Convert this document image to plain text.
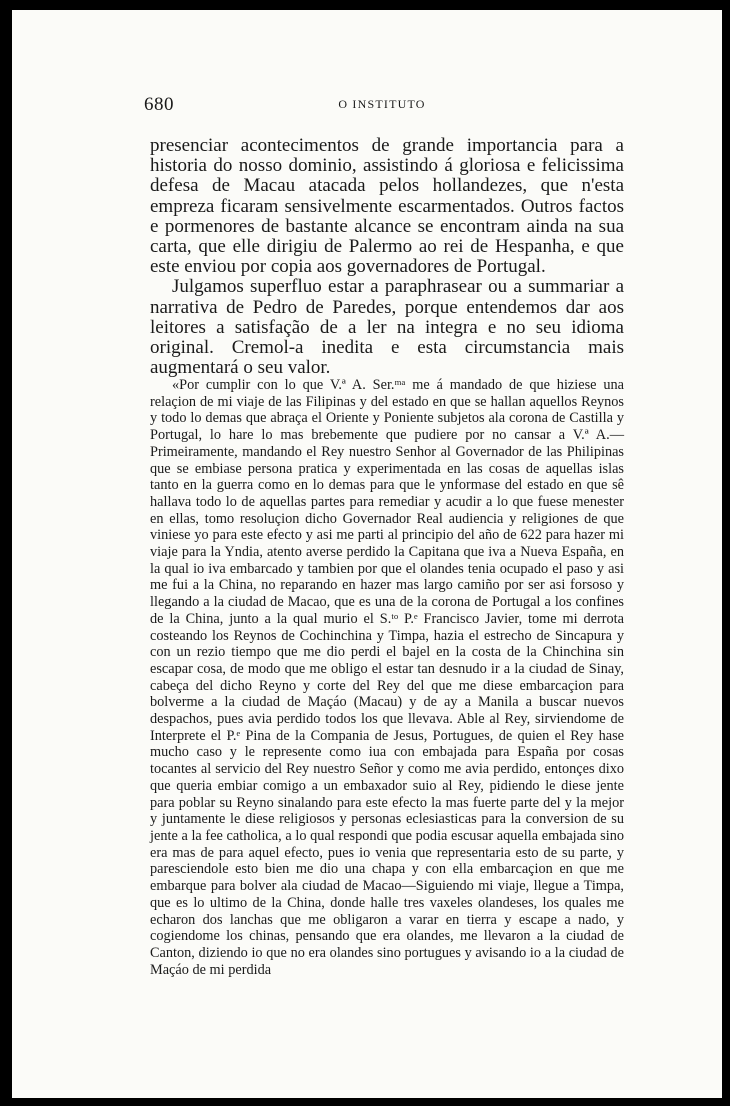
680	O INSTITUTO

presenciar acontecimentos de grande importancia para a historia do nosso dominio, assistindo á gloriosa e felicissima defesa de Macau atacada pelos hollandezes, que n'esta empreza ficaram sensivelmente escarmentados. Outros factos e pormenores de bastante alcance se encontram ainda na sua carta, que elle dirigiu de Palermo ao rei de Hespanha, e que este enviou por copia aos governadores de Portugal.

Julgamos superfluo estar a paraphrasear ou a summariar a narrativa de Pedro de Paredes, porque entendemos dar aos leitores a satisfação de a ler na integra e no seu idioma original. Cremol-a inedita e esta circumstancia mais augmentará o seu valor.

«Por cumplir con lo que V.ª A. Ser.ᵐᵃ me á mandado de que hiziese una relaçion de mi viaje de las Filipinas y del estado en que se hallan aquellos Reynos y todo lo demas que abraça el Oriente y Poniente subjetos ala corona de Castilla y Portugal, lo hare lo mas brebemente que pudiere por no cansar a V.ª A.—Primeiramente, mandando el Rey nuestro Senhor al Governador de las Philipinas que se embiase persona pratica y experimentada en las cosas de aquellas islas tanto en la guerra como en lo demas para que le ynformase del estado en que sê hallava todo lo de aquellas partes para remediar y acudir a lo que fuese menester en ellas, tomo resoluçion dicho Governador Real audiencia y religiones de que viniese yo para este efecto y asi me parti al principio del año de 622 para hazer mi viaje para la Yndia, atento averse perdido la Capitana que iva a Nueva España, en la qual io iva embarcado y tambien por que el olandes tenia ocupado el paso y asi me fui a la China, no reparando en hazer mas largo camiño por ser asi forsoso y llegando a la ciudad de Macao, que es una de la corona de Portugal a los confines de la China, junto a la qual murio el S.ᵗᵒ P.ᵉ Francisco Javier, tome mi derrota costeando los Reynos de Cochinchina y Timpa, hazia el estrecho de Sincapura y con un rezio tiempo que me dio perdi el bajel en la costa de la Chinchina sin escapar cosa, de modo que me obligo el estar tan desnudo ir a la ciudad de Sinay, cabeça del dicho Reyno y corte del Rey del que me diese embarcaçion para bolverme a la ciudad de Maçáo (Macau) y de ay a Manila a buscar nuevos despachos, pues avia perdido todos los que llevava. Able al Rey, sirviendome de Interprete el P.ᵉ Pina de la Compania de Jesus, Portugues, de quien el Rey hase mucho caso y le represente como iua con embajada para España por cosas tocantes al servicio del Rey nuestro Señor y como me avia perdido, entonçes dixo que queria embiar comigo a un embaxador suio al Rey, pidiendo le diese jente para poblar su Reyno sinalando para este efecto la mas fuerte parte del y la mejor y juntamente le diese religiosos y personas eclesiasticas para la conversion de su jente a la fee catholica, a lo qual respondi que podia escusar aquella embajada sino era mas de para aquel efecto, pues io venia que representaria esto de su parte, y paresciendole esto bien me dio una chapa y con ella embarcaçion en que me embarque para bolver ala ciudad de Macao—Siguiendo mi viaje, llegue a Timpa, que es lo ultimo de la China, donde halle tres vaxeles olandeses, los quales me echaron dos lanchas que me obligaron a varar en tierra y escape a nado, y cogiendome los chinas, pensando que era olandes, me llevaron a la ciudad de Canton, diziendo io que no era olandes sino portugues y avisando io a la ciudad de Maçáo de mi perdida
